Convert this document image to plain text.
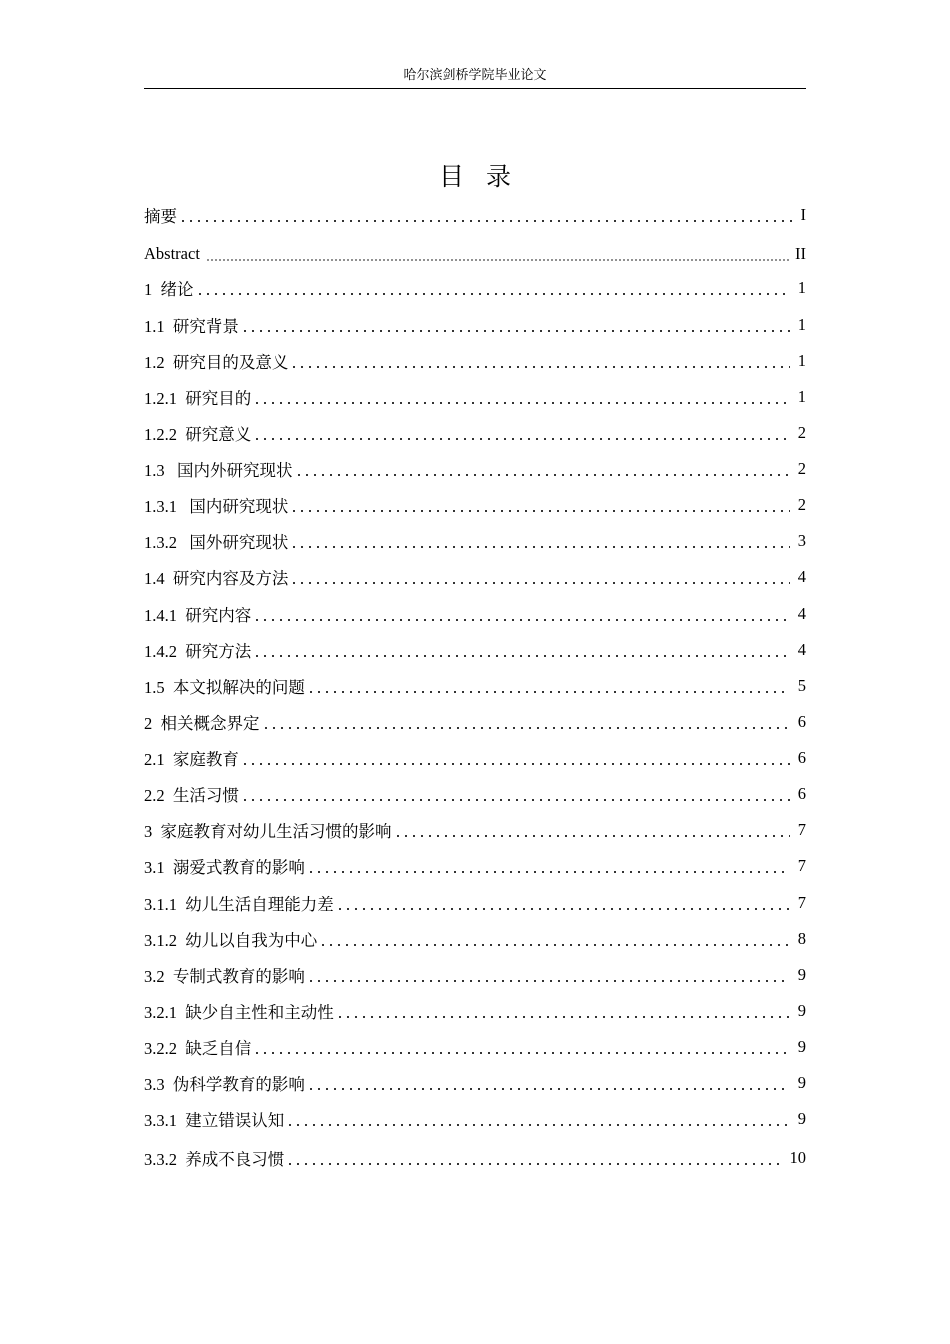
哈尔滨剑桥学院毕业论文
目录
摘要	I
Abstract	II
1  绪论	1
1.1  研究背景	1
1.2  研究目的及意义	1
1.2.1  研究目的	1
1.2.2  研究意义	2
1.3   国内外研究现状	2
1.3.1   国内研究现状	2
1.3.2   国外研究现状	3
1.4  研究内容及方法	4
1.4.1  研究内容	4
1.4.2  研究方法	4
1.5  本文拟解决的问题	5
2  相关概念界定	6
2.1  家庭教育	6
2.2  生活习惯	6
3  家庭教育对幼儿生活习惯的影响	7
3.1  溺爱式教育的影响	7
3.1.1  幼儿生活自理能力差	7
3.1.2  幼儿以自我为中心	8
3.2  专制式教育的影响	9
3.2.1  缺少自主性和主动性	9
3.2.2  缺乏自信	9
3.3  伪科学教育的影响	9
3.3.1  建立错误认知	9
3.3.2  养成不良习惯	10
